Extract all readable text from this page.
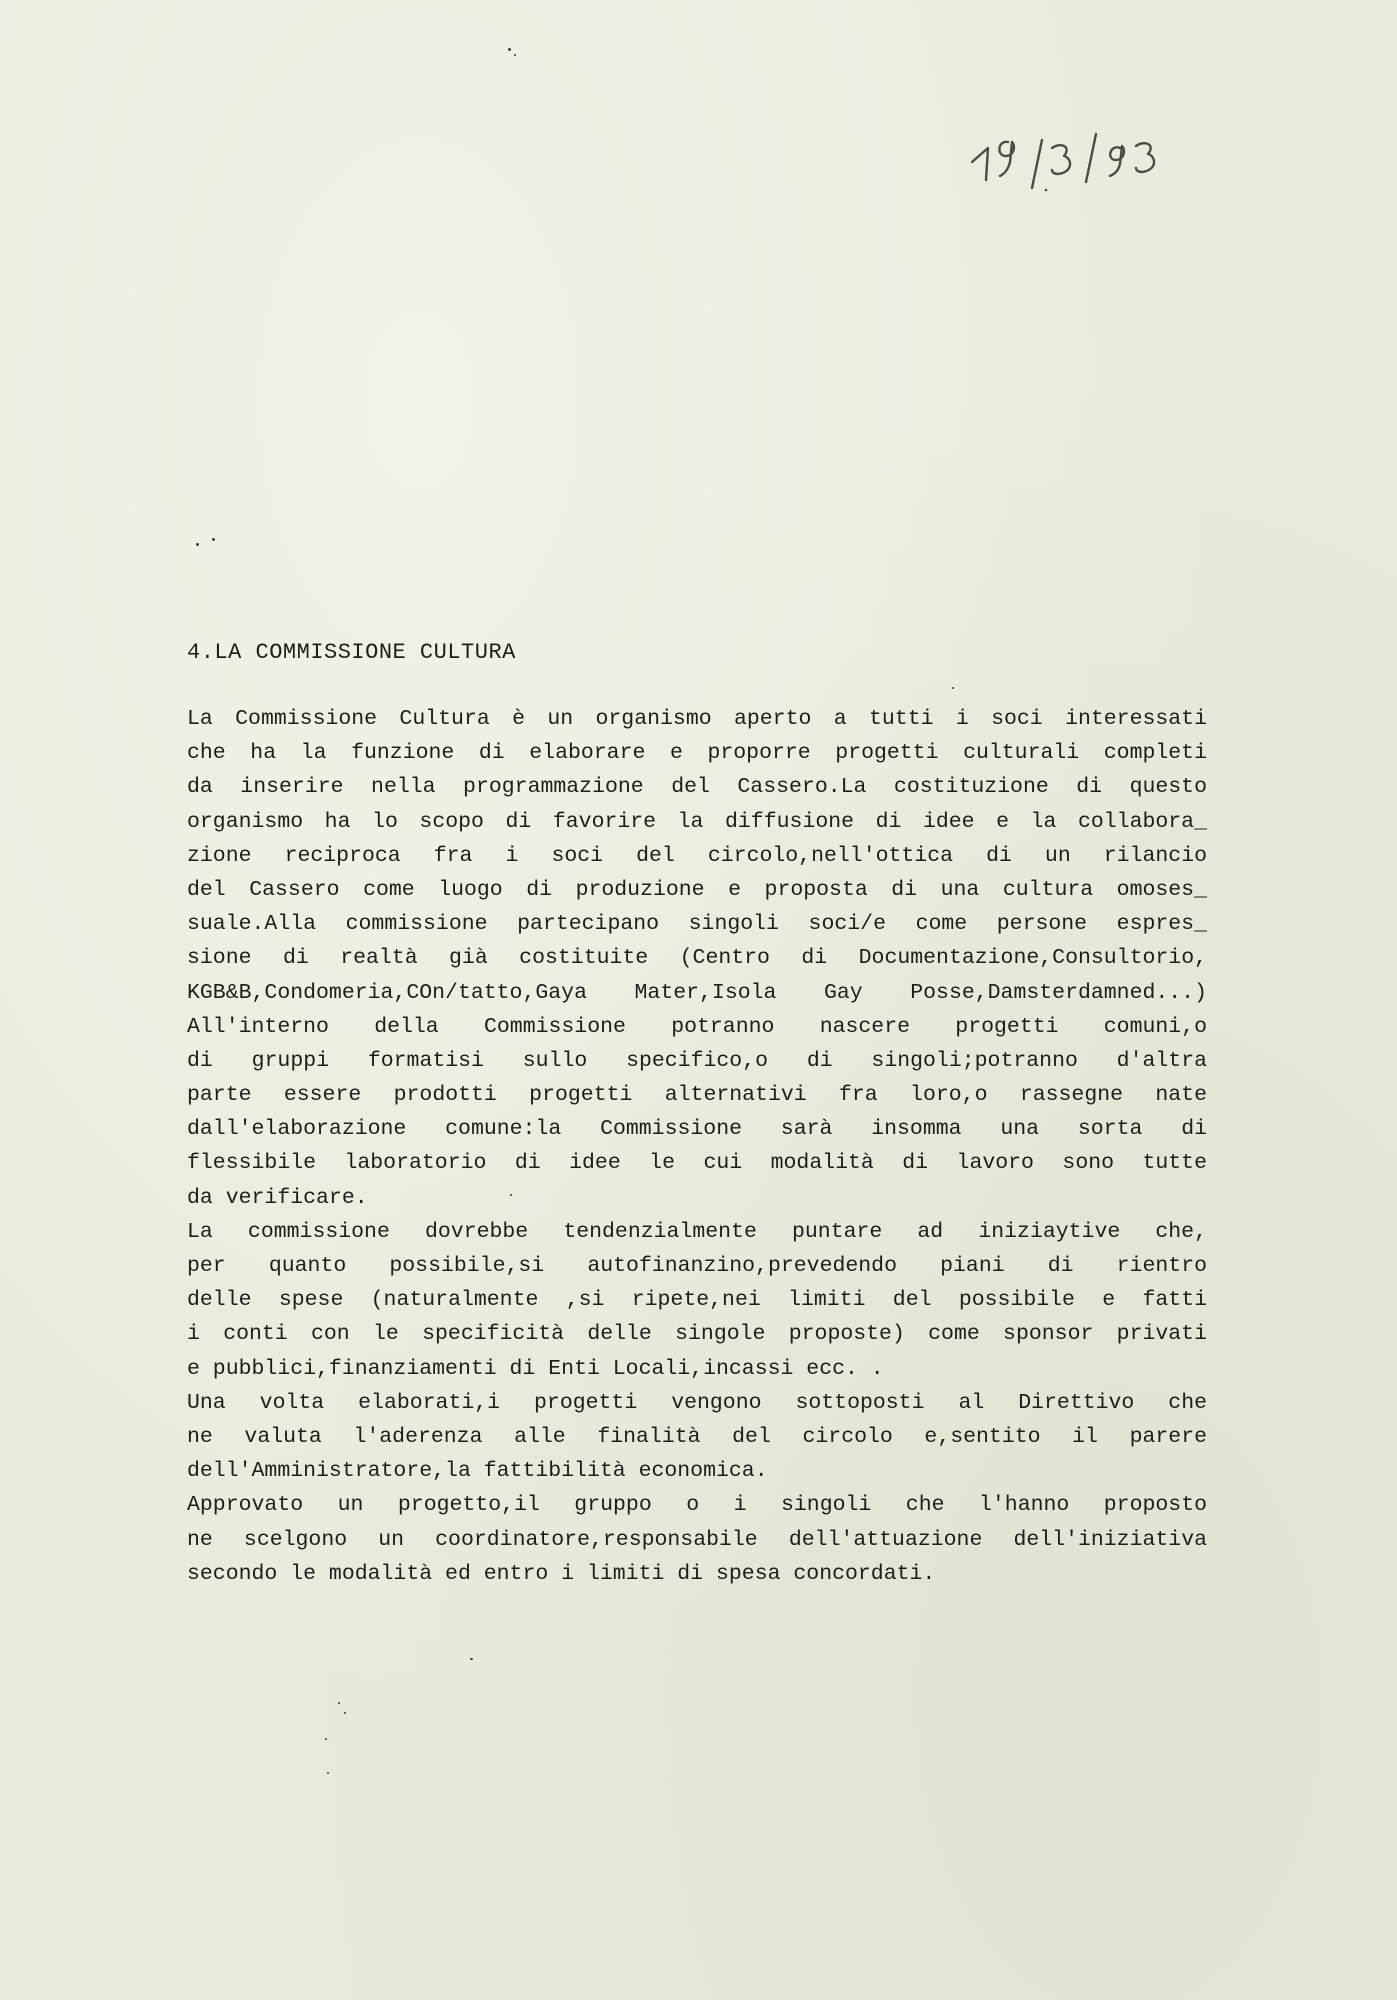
4.LA COMMISSIONE CULTURA
La Commissione Cultura è un organismo aperto a tutti i soci interessati
che ha la funzione di elaborare e proporre progetti culturali completi
da inserire nella programmazione del Cassero.La costituzione di questo
organismo ha lo scopo di favorire la diffusione di idee e la collabora_
zione reciproca fra i soci del circolo,nell'ottica di un rilancio
del Cassero come luogo di produzione e proposta di una cultura omoses_
suale.Alla commissione partecipano singoli soci/e come persone espres_
sione di realtà già costituite (Centro di Documentazione,Consultorio,
KGB&B,Condomeria,COn/tatto,Gaya Mater,Isola Gay Posse,Damsterdamned...)
All'interno della Commissione potranno nascere progetti comuni,o
di gruppi formatisi sullo specifico,o di singoli;potranno d'altra
parte essere prodotti progetti alternativi fra loro,o rassegne nate
dall'elaborazione comune:la Commissione sarà insomma una sorta di
flessibile laboratorio di idee le cui modalità di lavoro sono tutte
da verificare.
La commissione dovrebbe tendenzialmente puntare ad iniziaytive che,
per quanto possibile,si autofinanzino,prevedendo piani di rientro
delle spese (naturalmente ,si ripete,nei limiti del possibile e fatti
i conti con le specificità delle singole proposte) come sponsor privati
e pubblici,finanziamenti di Enti Locali,incassi ecc. .
Una volta elaborati,i progetti vengono sottoposti al Direttivo che
ne valuta l'aderenza alle finalità del circolo e,sentito il parere
dell'Amministratore,la fattibilità economica.
Approvato un progetto,il gruppo o i singoli che l'hanno proposto
ne scelgono un coordinatore,responsabile dell'attuazione dell'iniziativa
secondo le modalità ed entro i limiti di spesa concordati.
